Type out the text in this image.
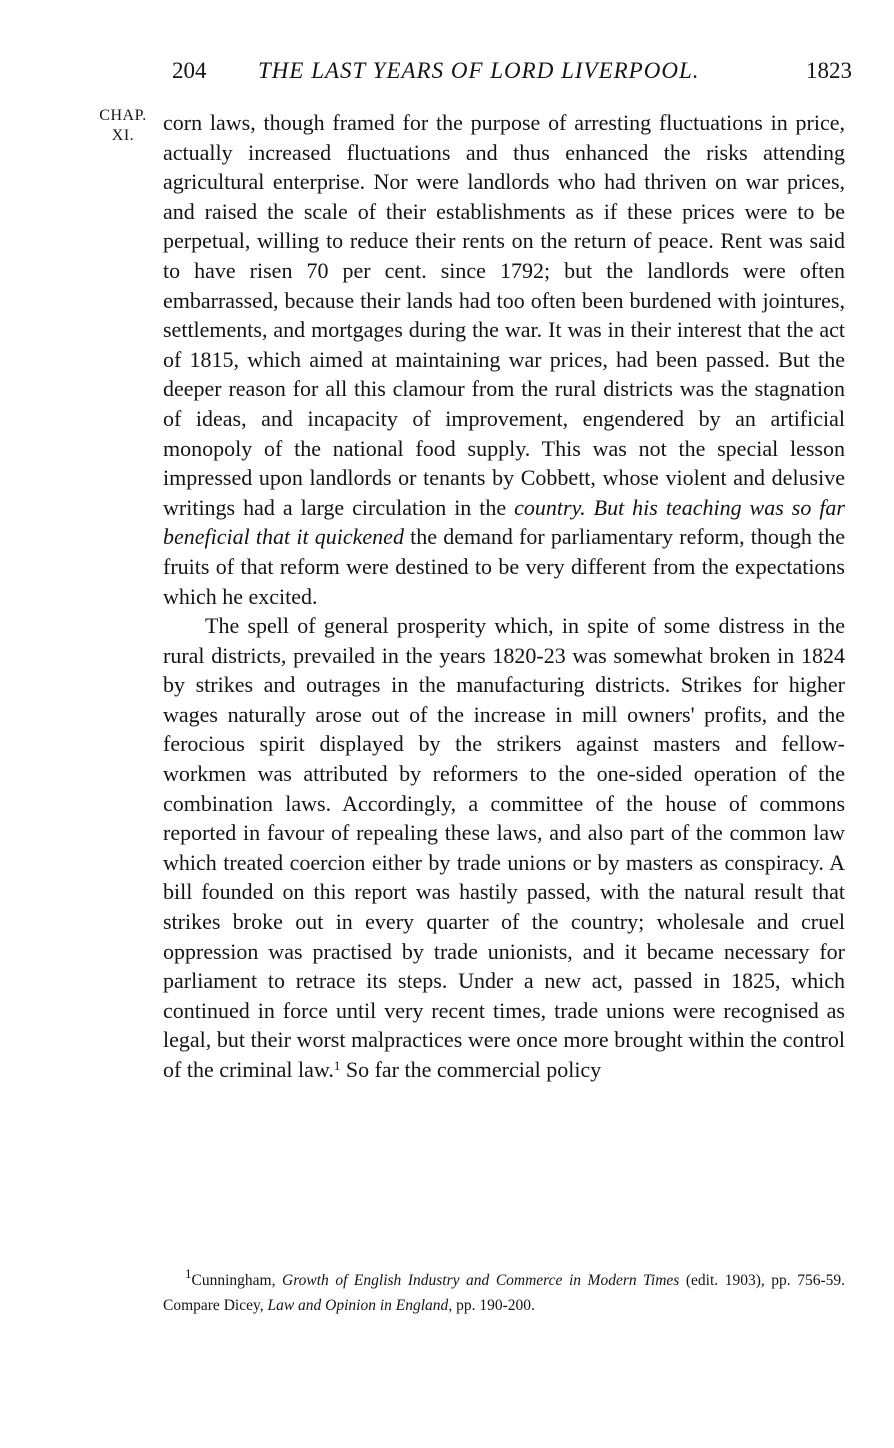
204 THE LAST YEARS OF LORD LIVERPOOL.	1823
CHAP.
XI.

corn laws, though framed for the purpose of arresting fluctuations in price, actually increased fluctuations and thus enhanced the risks attending agricultural enterprise. Nor were landlords who had thriven on war prices, and raised the scale of their establishments as if these prices were to be perpetual, willing to reduce their rents on the return of peace. Rent was said to have risen 70 per cent. since 1792; but the landlords were often embarrassed, because their lands had too often been burdened with jointures, settlements, and mortgages during the war. It was in their interest that the act of 1815, which aimed at maintaining war prices, had been passed. But the deeper reason for all this clamour from the rural districts was the stagnation of ideas, and incapacity of improvement, engendered by an artificial monopoly of the national food supply. This was not the special lesson impressed upon landlords or tenants by Cobbett, whose violent and delusive writings had a large circulation in the country. But his teaching was so far beneficial that it quickened the demand for parliamentary reform, though the fruits of that reform were destined to be very different from the expectations which he excited.

The spell of general prosperity which, in spite of some distress in the rural districts, prevailed in the years 1820-23 was somewhat broken in 1824 by strikes and outrages in the manufacturing districts. Strikes for higher wages naturally arose out of the increase in mill owners' profits, and the ferocious spirit displayed by the strikers against masters and fellow-workmen was attributed by reformers to the one-sided operation of the combination laws. Accordingly, a committee of the house of commons reported in favour of repealing these laws, and also part of the common law which treated coercion either by trade unions or by masters as conspiracy. A bill founded on this report was hastily passed, with the natural result that strikes broke out in every quarter of the country; wholesale and cruel oppression was practised by trade unionists, and it became necessary for parliament to retrace its steps. Under a new act, passed in 1825, which continued in force until very recent times, trade unions were recognised as legal, but their worst malpractices were once more brought within the control of the criminal law.$^1$ So far the commercial policy

$^1$Cunningham, Growth of English Industry and Commerce in Modern Times (edit. 1903), pp. 756-59. Compare Dicey, Law and Opinion in England, pp. 190-200.
